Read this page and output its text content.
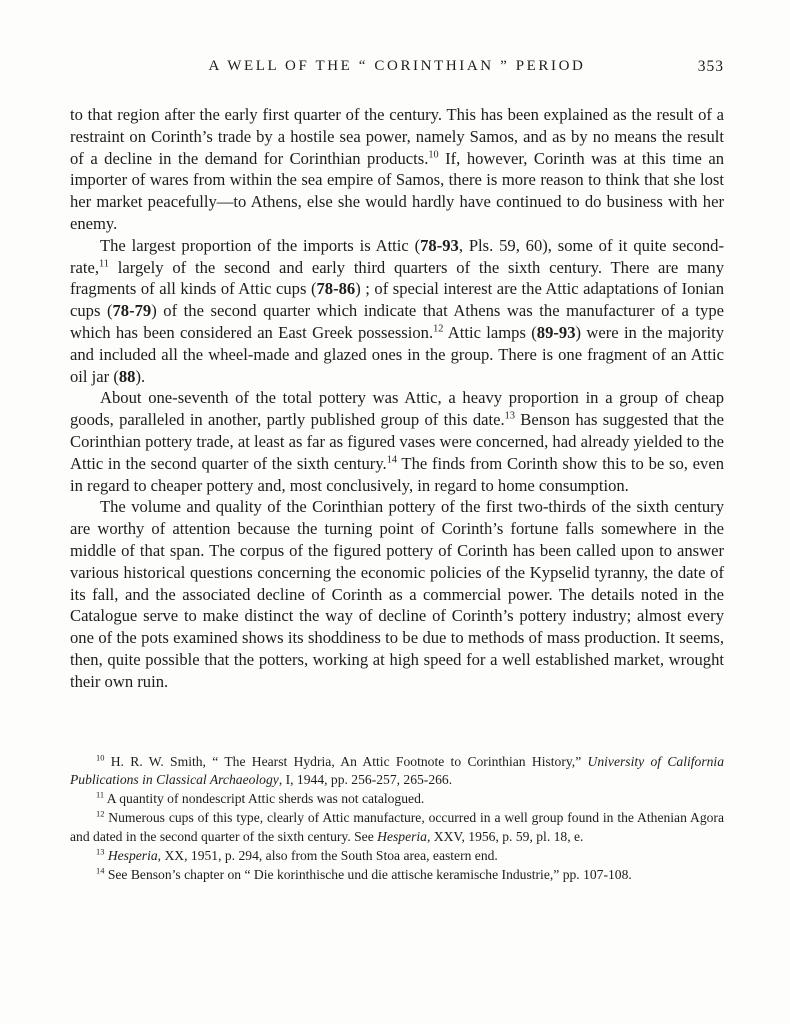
A WELL OF THE “ CORINTHIAN ” PERIOD	353

to that region after the early first quarter of the century. This has been explained as the result of a restraint on Corinth’s trade by a hostile sea power, namely Samos, and as by no means the result of a decline in the demand for Corinthian products.$^{10}$ If, however, Corinth was at this time an importer of wares from within the sea empire of Samos, there is more reason to think that she lost her market peacefully—to Athens, else she would hardly have continued to do business with her enemy.

The largest proportion of the imports is Attic (78-93, Pls. 59, 60), some of it quite second-rate,$^{11}$ largely of the second and early third quarters of the sixth century. There are many fragments of all kinds of Attic cups (78-86) ; of special interest are the Attic adaptations of Ionian cups (78-79) of the second quarter which indicate that Athens was the manufacturer of a type which has been considered an East Greek possession.$^{12}$ Attic lamps (89-93) were in the majority and included all the wheel-made and glazed ones in the group. There is one fragment of an Attic oil jar (88).

About one-seventh of the total pottery was Attic, a heavy proportion in a group of cheap goods, paralleled in another, partly published group of this date.$^{13}$ Benson has suggested that the Corinthian pottery trade, at least as far as figured vases were concerned, had already yielded to the Attic in the second quarter of the sixth century.$^{14}$ The finds from Corinth show this to be so, even in regard to cheaper pottery and, most conclusively, in regard to home consumption.

The volume and quality of the Corinthian pottery of the first two-thirds of the sixth century are worthy of attention because the turning point of Corinth’s fortune falls somewhere in the middle of that span. The corpus of the figured pottery of Corinth has been called upon to answer various historical questions concerning the economic policies of the Kypselid tyranny, the date of its fall, and the associated decline of Corinth as a commercial power. The details noted in the Catalogue serve to make distinct the way of decline of Corinth’s pottery industry; almost every one of the pots examined shows its shoddiness to be due to methods of mass production. It seems, then, quite possible that the potters, working at high speed for a well established market, wrought their own ruin.

$^{10}$ H. R. W. Smith, “ The Hearst Hydria, An Attic Footnote to Corinthian History,” University of California Publications in Classical Archaeology, I, 1944, pp. 256-257, 265-266.

$^{11}$ A quantity of nondescript Attic sherds was not catalogued.

$^{12}$ Numerous cups of this type, clearly of Attic manufacture, occurred in a well group found in the Athenian Agora and dated in the second quarter of the sixth century. See Hesperia, XXV, 1956, p. 59, pl. 18, e.

$^{13}$ Hesperia, XX, 1951, p. 294, also from the South Stoa area, eastern end.

$^{14}$ See Benson’s chapter on “ Die korinthische und die attische keramische Industrie,” pp. 107-108.
